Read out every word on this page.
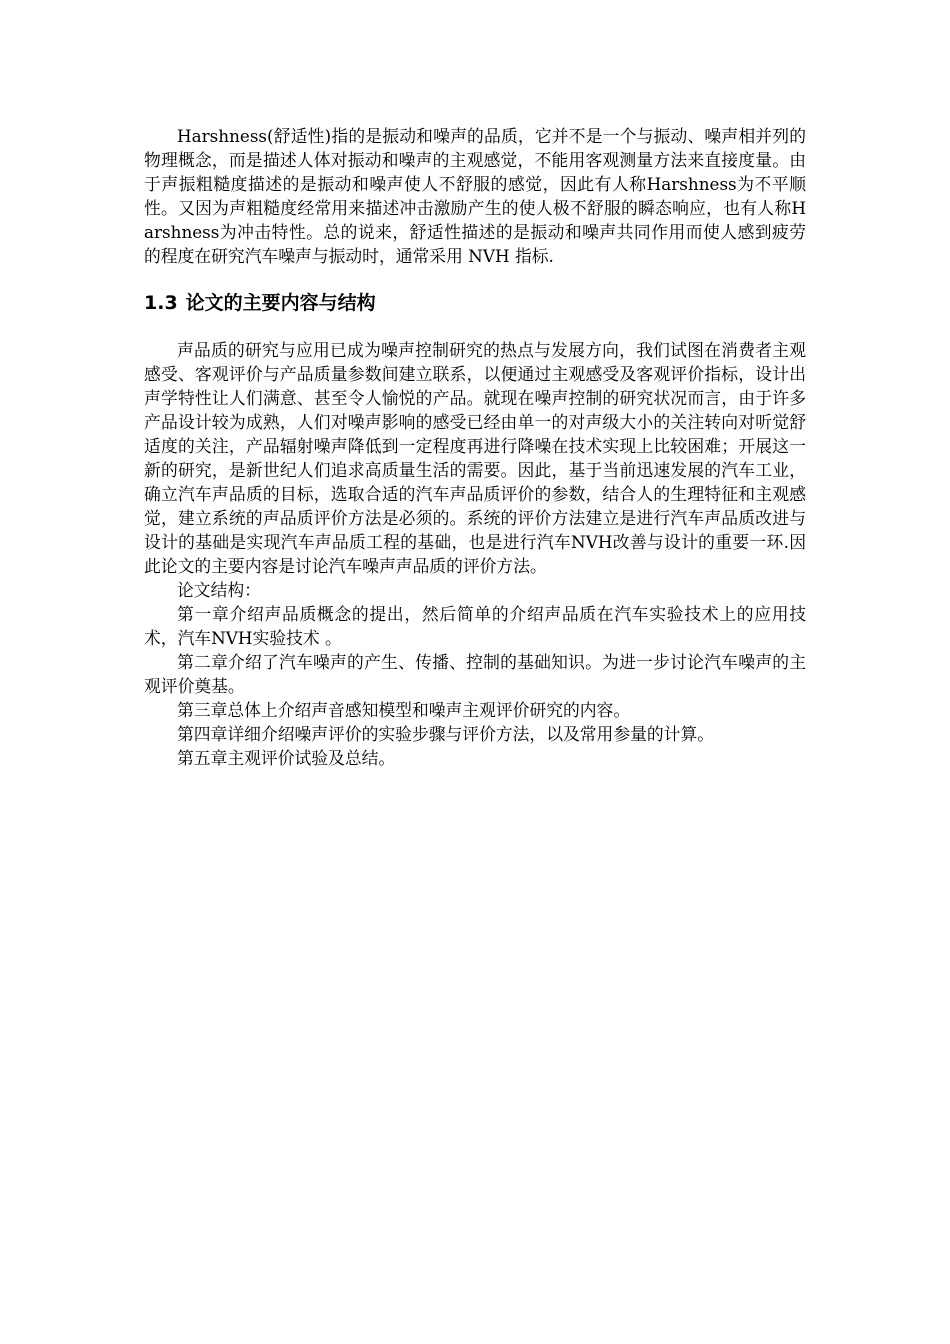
Harshness(舒适性)指的是振动和噪声的品质，它并不是一个与振动、噪声相并列的物理概念，而是描述人体对振动和噪声的主观感觉，不能用客观测量方法来直接度量。由于声振粗糙度描述的是振动和噪声使人不舒服的感觉，因此有人称Harshness为不平顺性。又因为声粗糙度经常用来描述冲击激励产生的使人极不舒服的瞬态响应，也有人称Harshness为冲击特性。总的说来，舒适性描述的是振动和噪声共同作用而使人感到疲劳的程度在研究汽车噪声与振动时，通常采用 NVH 指标.

1.3 论文的主要内容与结构

声品质的研究与应用已成为噪声控制研究的热点与发展方向，我们试图在消费者主观感受、客观评价与产品质量参数间建立联系，以便通过主观感受及客观评价指标，设计出声学特性让人们满意、甚至令人愉悦的产品。就现在噪声控制的研究状况而言，由于许多产品设计较为成熟，人们对噪声影响的感受已经由单一的对声级大小的关注转向对听觉舒适度的关注，产品辐射噪声降低到一定程度再进行降噪在技术实现上比较困难；开展这一新的研究，是新世纪人们追求高质量生活的需要。因此，基于当前迅速发展的汽车工业，确立汽车声品质的目标，选取合适的汽车声品质评价的参数，结合人的生理特征和主观感觉，建立系统的声品质评价方法是必须的。系统的评价方法建立是进行汽车声品质改进与设计的基础是实现汽车声品质工程的基础，也是进行汽车NVH改善与设计的重要一环.因此论文的主要内容是讨论汽车噪声声品质的评价方法。

论文结构：

第一章介绍声品质概念的提出，然后简单的介绍声品质在汽车实验技术上的应用技术，汽车NVH实验技术 。

第二章介绍了汽车噪声的产生、传播、控制的基础知识。为进一步讨论汽车噪声的主观评价奠基。

第三章总体上介绍声音感知模型和噪声主观评价研究的内容。

第四章详细介绍噪声评价的实验步骤与评价方法，以及常用参量的计算。

第五章主观评价试验及总结。
